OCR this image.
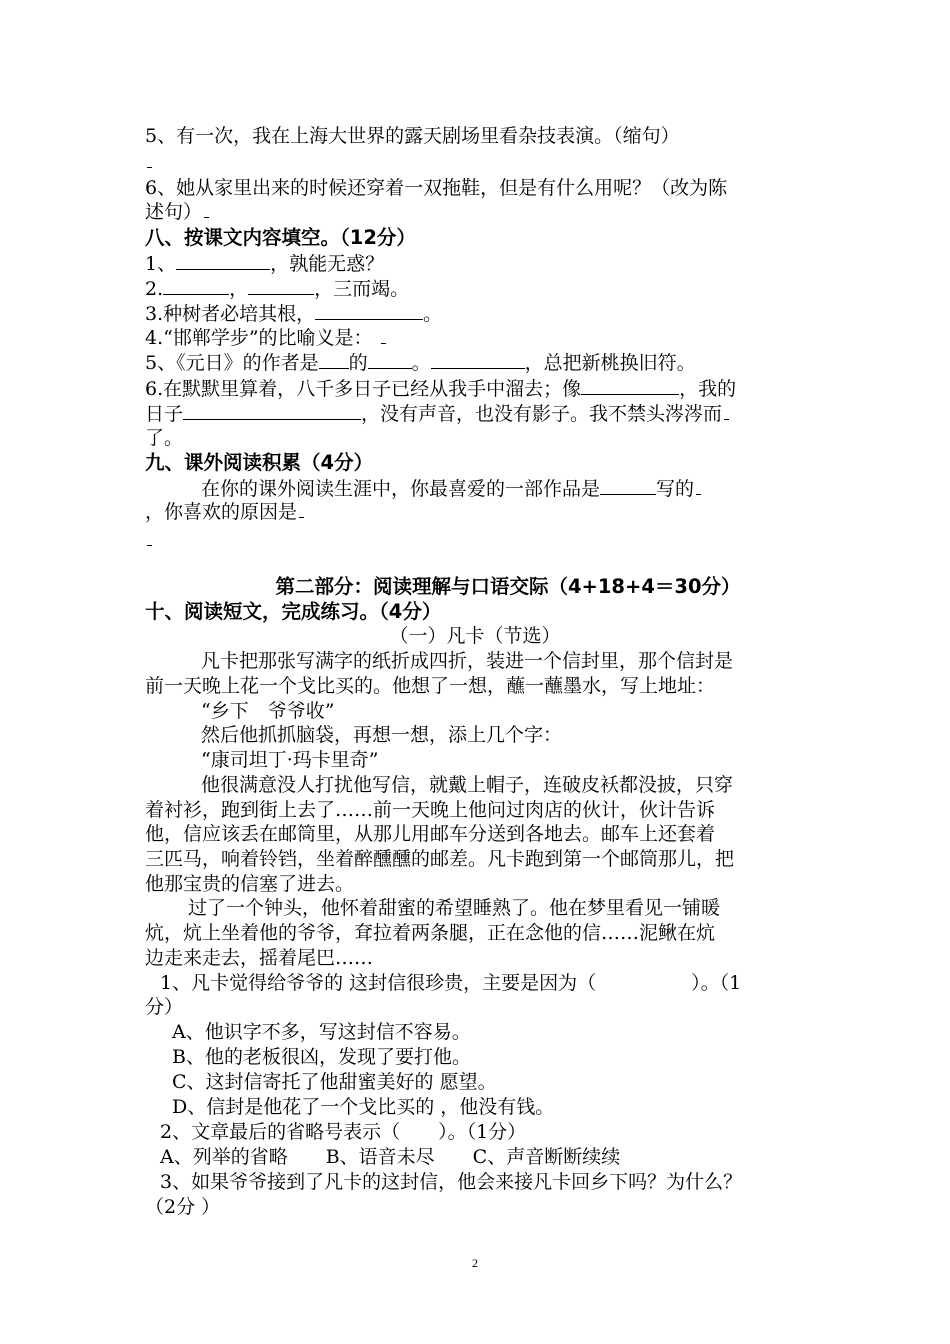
5、有一次，我在上海大世界的露天剧场里看杂技表演。（缩句）
6、她从家里出来的时候还穿着一双拖鞋，但是有什么用呢？（改为陈
述句）
八、按课文内容填空。（12分）
1、	，孰能无惑？
2.	，	，三而竭。
3.种树者必培其根，	。
4.“邯郸学步”的比喻义是：
5、《元日》的作者是 的 。	，总把新桃换旧符。
6.在默默里算着，八千多日子已经从我手中溜去；像	，我的
日子	，没有声音，也没有影子。我不禁头涔涔而
了。
九、课外阅读积累（4分）
在你的课外阅读生涯中，你最喜爱的一部作品是	写的
，你喜欢的原因是
第二部分：阅读理解与口语交际（4+18+4＝30分）
十、阅读短文，完成练习。（4分）
（一）凡卡（节选）
凡卡把那张写满字的纸折成四折，装进一个信封里，那个信封是
前一天晚上花一个戈比买的。他想了一想，蘸一蘸墨水，写上地址：
“乡下　爷爷收”
然后他抓抓脑袋，再想一想，添上几个字：
“康司坦丁·玛卡里奇”
他很满意没人打扰他写信，就戴上帽子，连破皮袄都没披，只穿
着衬衫，跑到街上去了……前一天晚上他问过肉店的伙计，伙计告诉
他，信应该丢在邮筒里，从那儿用邮车分送到各地去。邮车上还套着
三匹马，响着铃铛，坐着醉醺醺的邮差。凡卡跑到第一个邮筒那儿，把
他那宝贵的信塞了进去。
过了一个钟头，他怀着甜蜜的希望睡熟了。他在梦里看见一铺暖
炕，炕上坐着他的爷爷，耷拉着两条腿，正在念他的信……泥鳅在炕
边走来走去，摇着尾巴……
1、凡卡觉得给爷爷的 这封信很珍贵，主要是因为（　　　　　）。（1
分）
A、他识字不多，写这封信不容易。
B、他的老板很凶，发现了要打他。
C、这封信寄托了他甜蜜美好的 愿望。
D、信封是他花了一个戈比买的 ，他没有钱。
2、文章最后的省略号表示（　　）。（1分）
A、列举的省略　　B、语音未尽　　C、声音断断续续
3、如果爷爷接到了凡卡的这封信，他会来接凡卡回乡下吗？为什么？
（2分 ）
2
